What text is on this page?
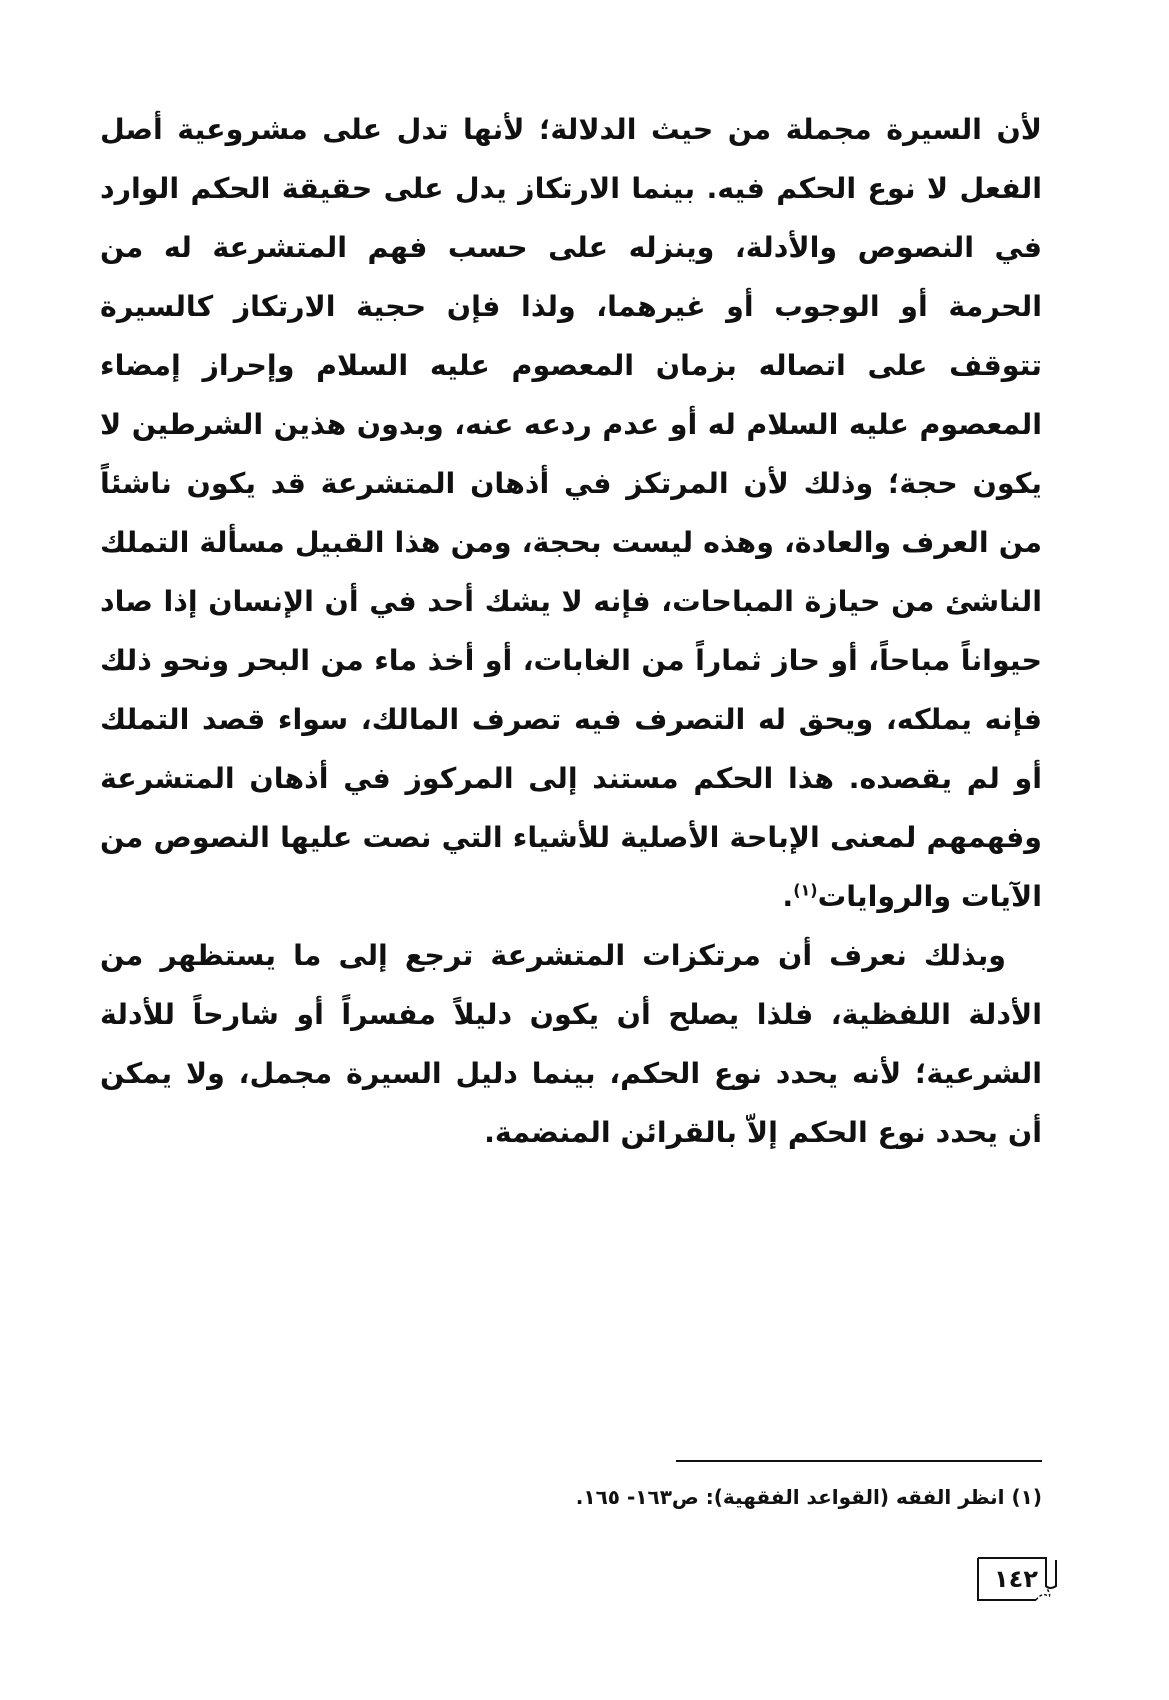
لأن السيرة مجملة من حيث الدلالة؛ لأنها تدل على مشروعية أصل الفعل لا نوع الحكم فيه. بينما الارتكاز يدل على حقيقة الحكم الوارد في النصوص والأدلة، وينزله على حسب فهم المتشرعة له من الحرمة أو الوجوب أو غيرهما، ولذا فإن حجية الارتكاز كالسيرة تتوقف على اتصاله بزمان المعصوم عليه السلام وإحراز إمضاء المعصوم عليه السلام له أو عدم ردعه عنه، وبدون هذين الشرطين لا يكون حجة؛ وذلك لأن المرتكز في أذهان المتشرعة قد يكون ناشئاً من العرف والعادة، وهذه ليست بحجة، ومن هذا القبيل مسألة التملك الناشئ من حيازة المباحات، فإنه لا يشك أحد في أن الإنسان إذا صاد حيواناً مباحاً، أو حاز ثماراً من الغابات، أو أخذ ماء من البحر ونحو ذلك فإنه يملكه، ويحق له التصرف فيه تصرف المالك، سواء قصد التملك أو لم يقصده. هذا الحكم مستند إلى المركوز في أذهان المتشرعة وفهمهم لمعنى الإباحة الأصلية للأشياء التي نصت عليها النصوص من الآيات والروايات$^{(١)}$.

وبذلك نعرف أن مرتكزات المتشرعة ترجع إلى ما يستظهر من الأدلة اللفظية، فلذا يصلح أن يكون دليلاً مفسراً أو شارحاً للأدلة الشرعية؛ لأنه يحدد نوع الحكم، بينما دليل السيرة مجمل، ولا يمكن أن يحدد نوع الحكم إلاّ بالقرائن المنضمة.

(١) انظر الفقه (القواعد الفقهية): ص١٦٣- ١٦٥.
١٤٢
